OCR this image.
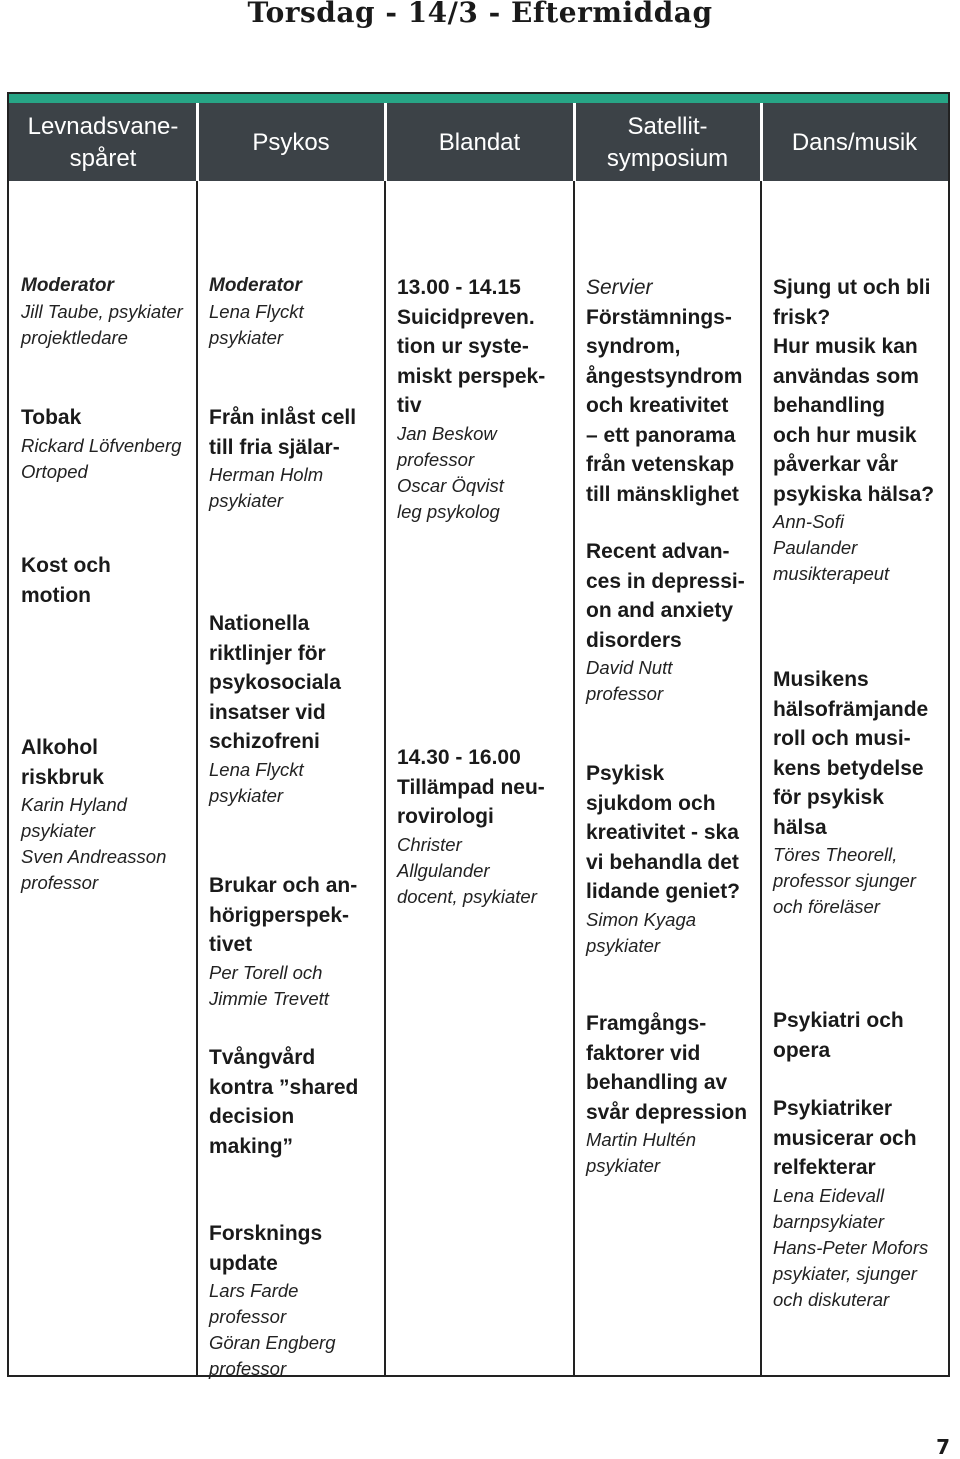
Torsdag - 14/3 - Eftermiddag
Levnadsvane-
spåret
Moderator
Jill Taube, psykiater
projektledare
Tobak
Rickard Löfvenberg
Ortoped
Kost och
motion
Alkohol
riskbruk
Karin Hyland
psykiater
Sven Andreasson
professor
Psykos
Moderator
Lena Flyckt
psykiater
Från inlåst cell
till fria själar-
Herman Holm
psykiater
Nationella
riktlinjer för
psykosociala
insatser vid
schizofreni
Lena Flyckt
psykiater
Brukar och an-
hörigperspek-
tivet
Per Torell och
Jimmie Trevett
Tvångvård
kontra ”shared
decision
making”
Forsknings
update
Lars Farde
professor
Göran Engberg
professor
Blandat
13.00 - 14.15
Suicidpreven.
tion ur syste-
miskt perspek-
tiv
Jan Beskow
professor
Oscar Öqvist
leg psykolog
14.30 - 16.00
Tillämpad neu-
rovirologi
Christer
Allgulander
docent, psykiater
Satellit-
symposium
Servier
Förstämnings-
syndrom,
ångestsyndrom
och kreativitet
– ett panorama
från vetenskap
till mänsklighet
Recent advan-
ces in depressi-
on and anxiety
disorders
David Nutt
professor
Psykisk
sjukdom och
kreativitet - ska
vi behandla det
lidande geniet?
Simon Kyaga
psykiater
Framgångs-
faktorer vid
behandling av
svår depression
Martin Hultén
psykiater
Dans/musik
Sjung ut och bli
frisk?
Hur musik kan
användas som
behandling
och hur musik
påverkar vår
psykiska hälsa?
Ann-Sofi
Paulander
musikterapeut
Musikens
hälsofrämjande
roll och musi-
kens betydelse
för psykisk
hälsa
Töres Theorell,
professor sjunger
och föreläser
Psykiatri och
opera
Psykiatriker
musicerar och
relfekterar
Lena Eidevall
barnpsykiater
Hans-Peter Mofors
psykiater, sjunger
och diskuterar
7
